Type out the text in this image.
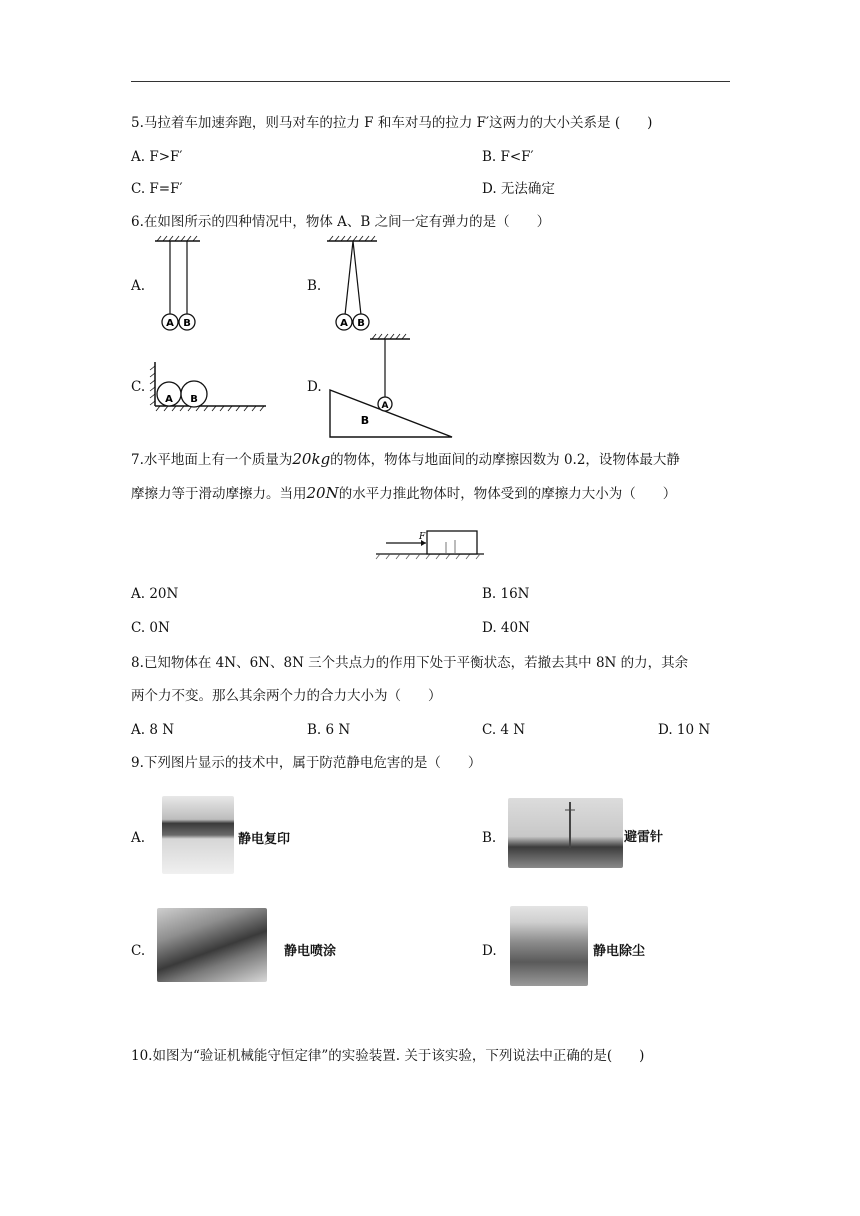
5.马拉着车加速奔跑，则马对车的拉力 F 和车对马的拉力 F′这两力的大小关系是 (　　)
A. F>F′	B. F<F′
C. F=F′	D. 无法确定
6.在如图所示的四种情况中，物体 A、B 之间一定有弹力的是（　　）
A.
A B
B.
A B
C.
A B
D.
A
B
7.水平地面上有一个质量为20kg的物体，物体与地面间的动摩擦因数为 0.2，设物体最大静
摩擦力等于滑动摩擦力。当用20N的水平力推此物体时，物体受到的摩擦力大小为（　　）
F
A. 20N	B. 16N
C. 0N	D. 40N
8.已知物体在 4N、6N、8N 三个共点力的作用下处于平衡状态，若撤去其中 8N 的力，其余
两个力不变。那么其余两个力的合力大小为（　　）
A. 8 N	B. 6 N	C. 4 N	D. 10 N
9.下列图片显示的技术中，属于防范静电危害的是（　　）
A.	静电复印	B.	避雷针
C.	静电喷涂	D.	静电除尘
10.如图为“验证机械能守恒定律”的实验装置. 关于该实验，下列说法中正确的是(　　)
